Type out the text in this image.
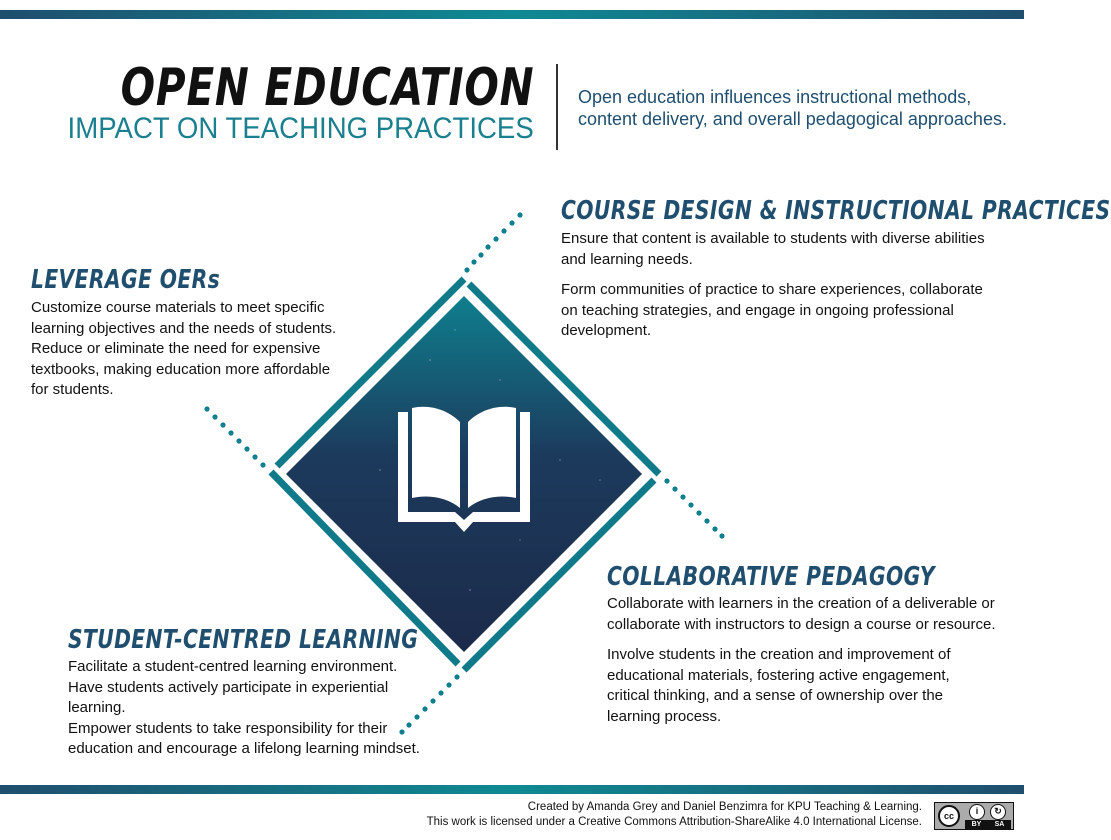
OPEN EDUCATION
IMPACT ON TEACHING PRACTICES
Open education influences instructional methods,
content delivery, and overall pedagogical approaches.
COURSE DESIGN & INSTRUCTIONAL PRACTICES

Ensure that content is available to students with diverse abilities
and learning needs.

Form communities of practice to share experiences, collaborate
on teaching strategies, and engage in ongoing professional
development.

LEVERAGE OERs

Customize course materials to meet specific
learning objectives and the needs of students.
Reduce or eliminate the need for expensive
textbooks, making education more affordable
for students.

COLLABORATIVE PEDAGOGY

Collaborate with learners in the creation of a deliverable or
collaborate with instructors to design a course or resource.

Involve students in the creation and improvement of
educational materials, fostering active engagement,
critical thinking, and a sense of ownership over the
learning process.

STUDENT-CENTRED LEARNING

Facilitate a student-centred learning environment.
Have students actively participate in experiential
learning.
Empower students to take responsibility for their
education and encourage a lifelong learning mindset.

Created by Amanda Grey and Daniel Benzimra for KPU Teaching & Learning.
This work is licensed under a Creative Commons Attribution-ShareAlike 4.0 International License.	cc	i	↻
BY SA
